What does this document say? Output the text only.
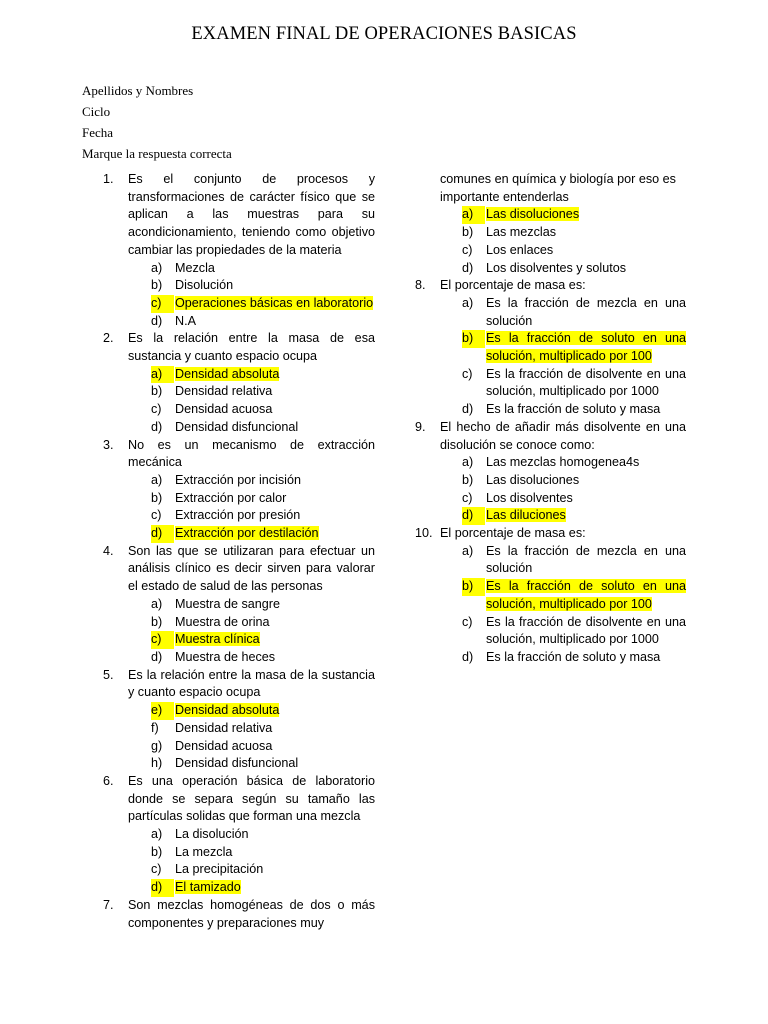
EXAMEN FINAL DE OPERACIONES BASICAS
Apellidos y Nombres
Ciclo
Fecha
Marque la respuesta correcta
1.	Es el conjunto de procesos y transformaciones de carácter físico que se aplican a las muestras para su acondicionamiento, teniendo como objetivo cambiar las propiedades de la materia
a) Mezcla
b) Disolución
c)	Operaciones básicas en laboratorio
d) N.A
2.	Es la relación entre la masa de esa sustancia y cuanto espacio ocupa
a)	Densidad absoluta
b) Densidad relativa
c) Densidad acuosa
d) Densidad disfuncional
3.	No es un mecanismo de extracción mecánica
a) Extracción por incisión
b) Extracción por calor
c) Extracción por presión
d)	Extracción por destilación
4.	Son las que se utilizaran para efectuar un análisis clínico es decir sirven para valorar el estado de salud de las personas
a) Muestra de sangre
b) Muestra de orina
c)	Muestra clínica
d) Muestra de heces
5.	Es la relación entre la masa de la sustancia y cuanto espacio ocupa
e)	Densidad absoluta
f) Densidad relativa
g) Densidad acuosa
h) Densidad disfuncional
6.	Es una operación básica de laboratorio donde se separa según su tamaño las partículas solidas que forman una mezcla
a) La disolución
b) La mezcla
c) La precipitación
d)	El tamizado
7.	Son mezclas homogéneas de dos o más componentes y preparaciones muy
comunes en química y biología por eso es importante entenderlas
a)	Las disoluciones
b) Las mezclas
c) Los enlaces
d) Los disolventes y solutos
8.	El porcentaje de masa es:
a) Es la fracción de mezcla en una solución
b)	Es la fracción de soluto en una solución, multiplicado por 100
c) Es la fracción de disolvente en una solución, multiplicado por 1000
d) Es la fracción de soluto y masa
9.	El hecho de añadir más disolvente en una disolución se conoce como:
a) Las mezclas homogenea4s
b) Las disoluciones
c) Los disolventes
d)	Las diluciones
10. El porcentaje de masa es:
a) Es la fracción de mezcla en una solución
b)	Es la fracción de soluto en una solución, multiplicado por 100
c) Es la fracción de disolvente en una solución, multiplicado por 1000
d) Es la fracción de soluto y masa
